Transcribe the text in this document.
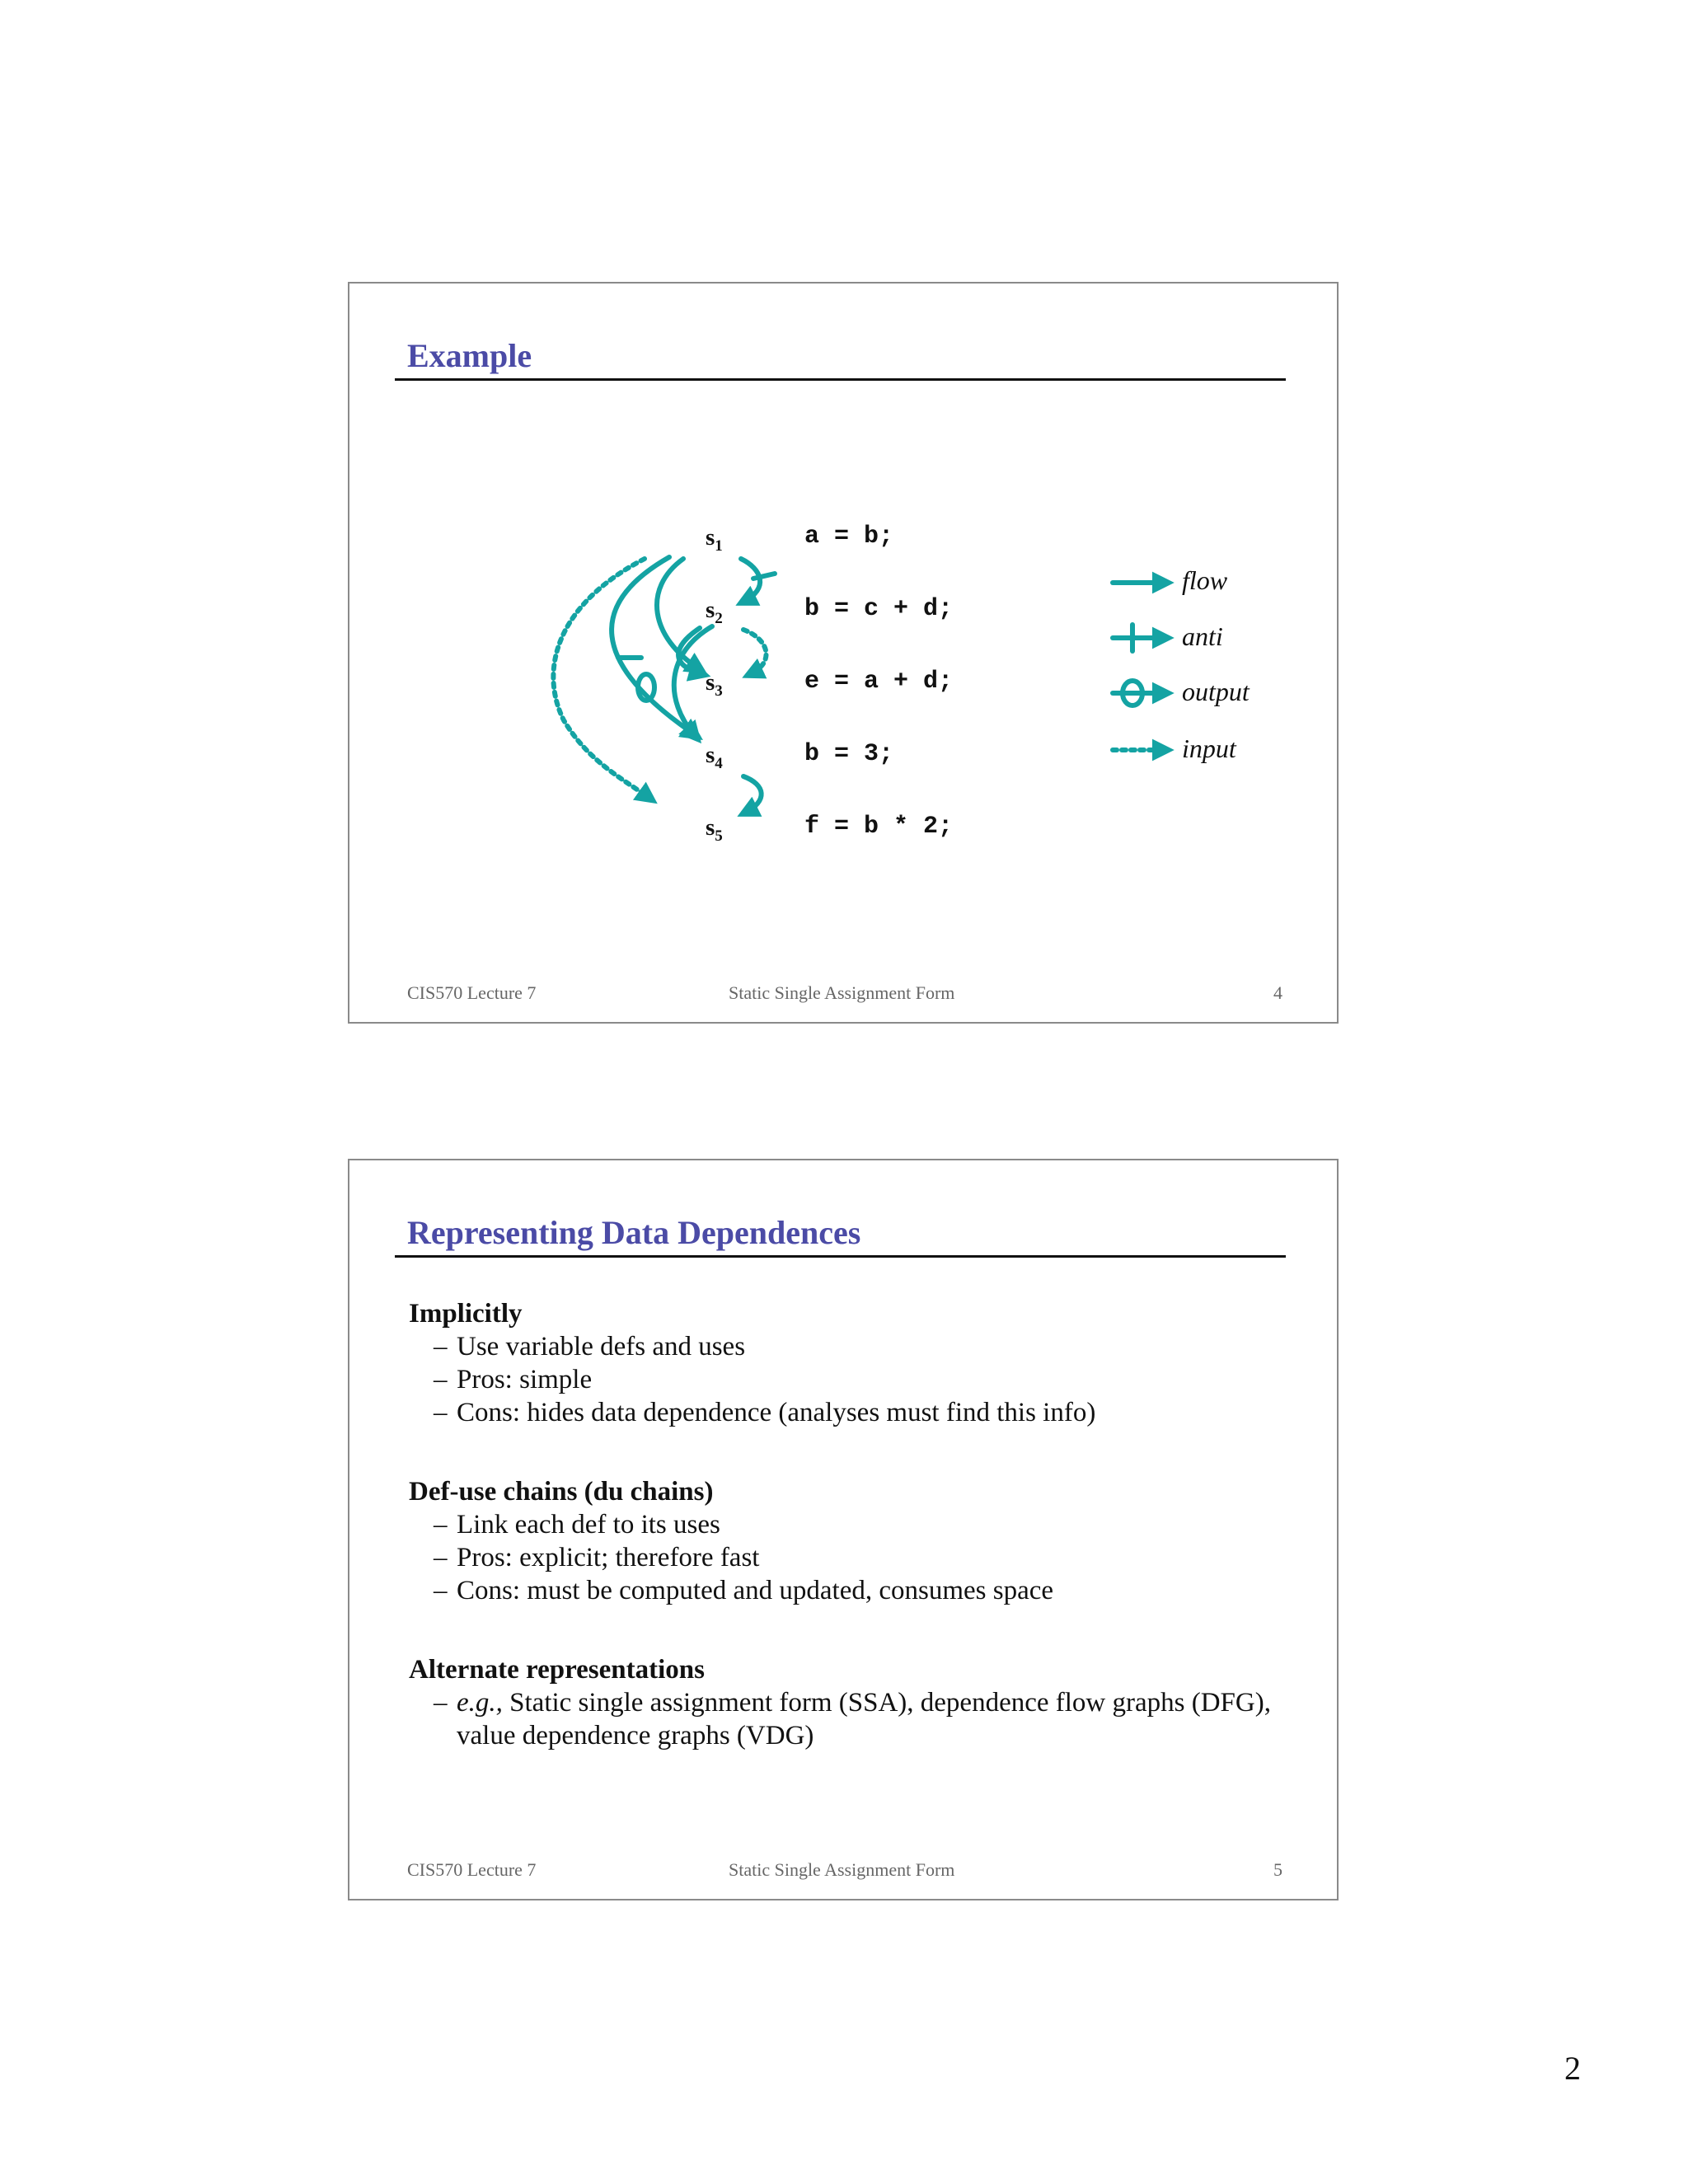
Example
$s_1$
$s_2$
$s_3$
$s_4$
$s_5$
a = b;
b = c + d;
e = a + d;
b = 3;
f = b * 2;
flow
anti
output
input
CIS570 Lecture 7	Static Single Assignment Form	4
Representing Data Dependences
Implicitly
– Use variable defs and uses
– Pros: simple
– Cons: hides data dependence (analyses must find this info)
Def-use chains (du chains)
– Link each def to its uses
– Pros: explicit; therefore fast
– Cons: must be computed and updated, consumes space
Alternate representations
– e.g., Static single assignment form (SSA), dependence flow graphs (DFG), value dependence graphs (VDG)
CIS570 Lecture 7	Static Single Assignment Form	5
2
